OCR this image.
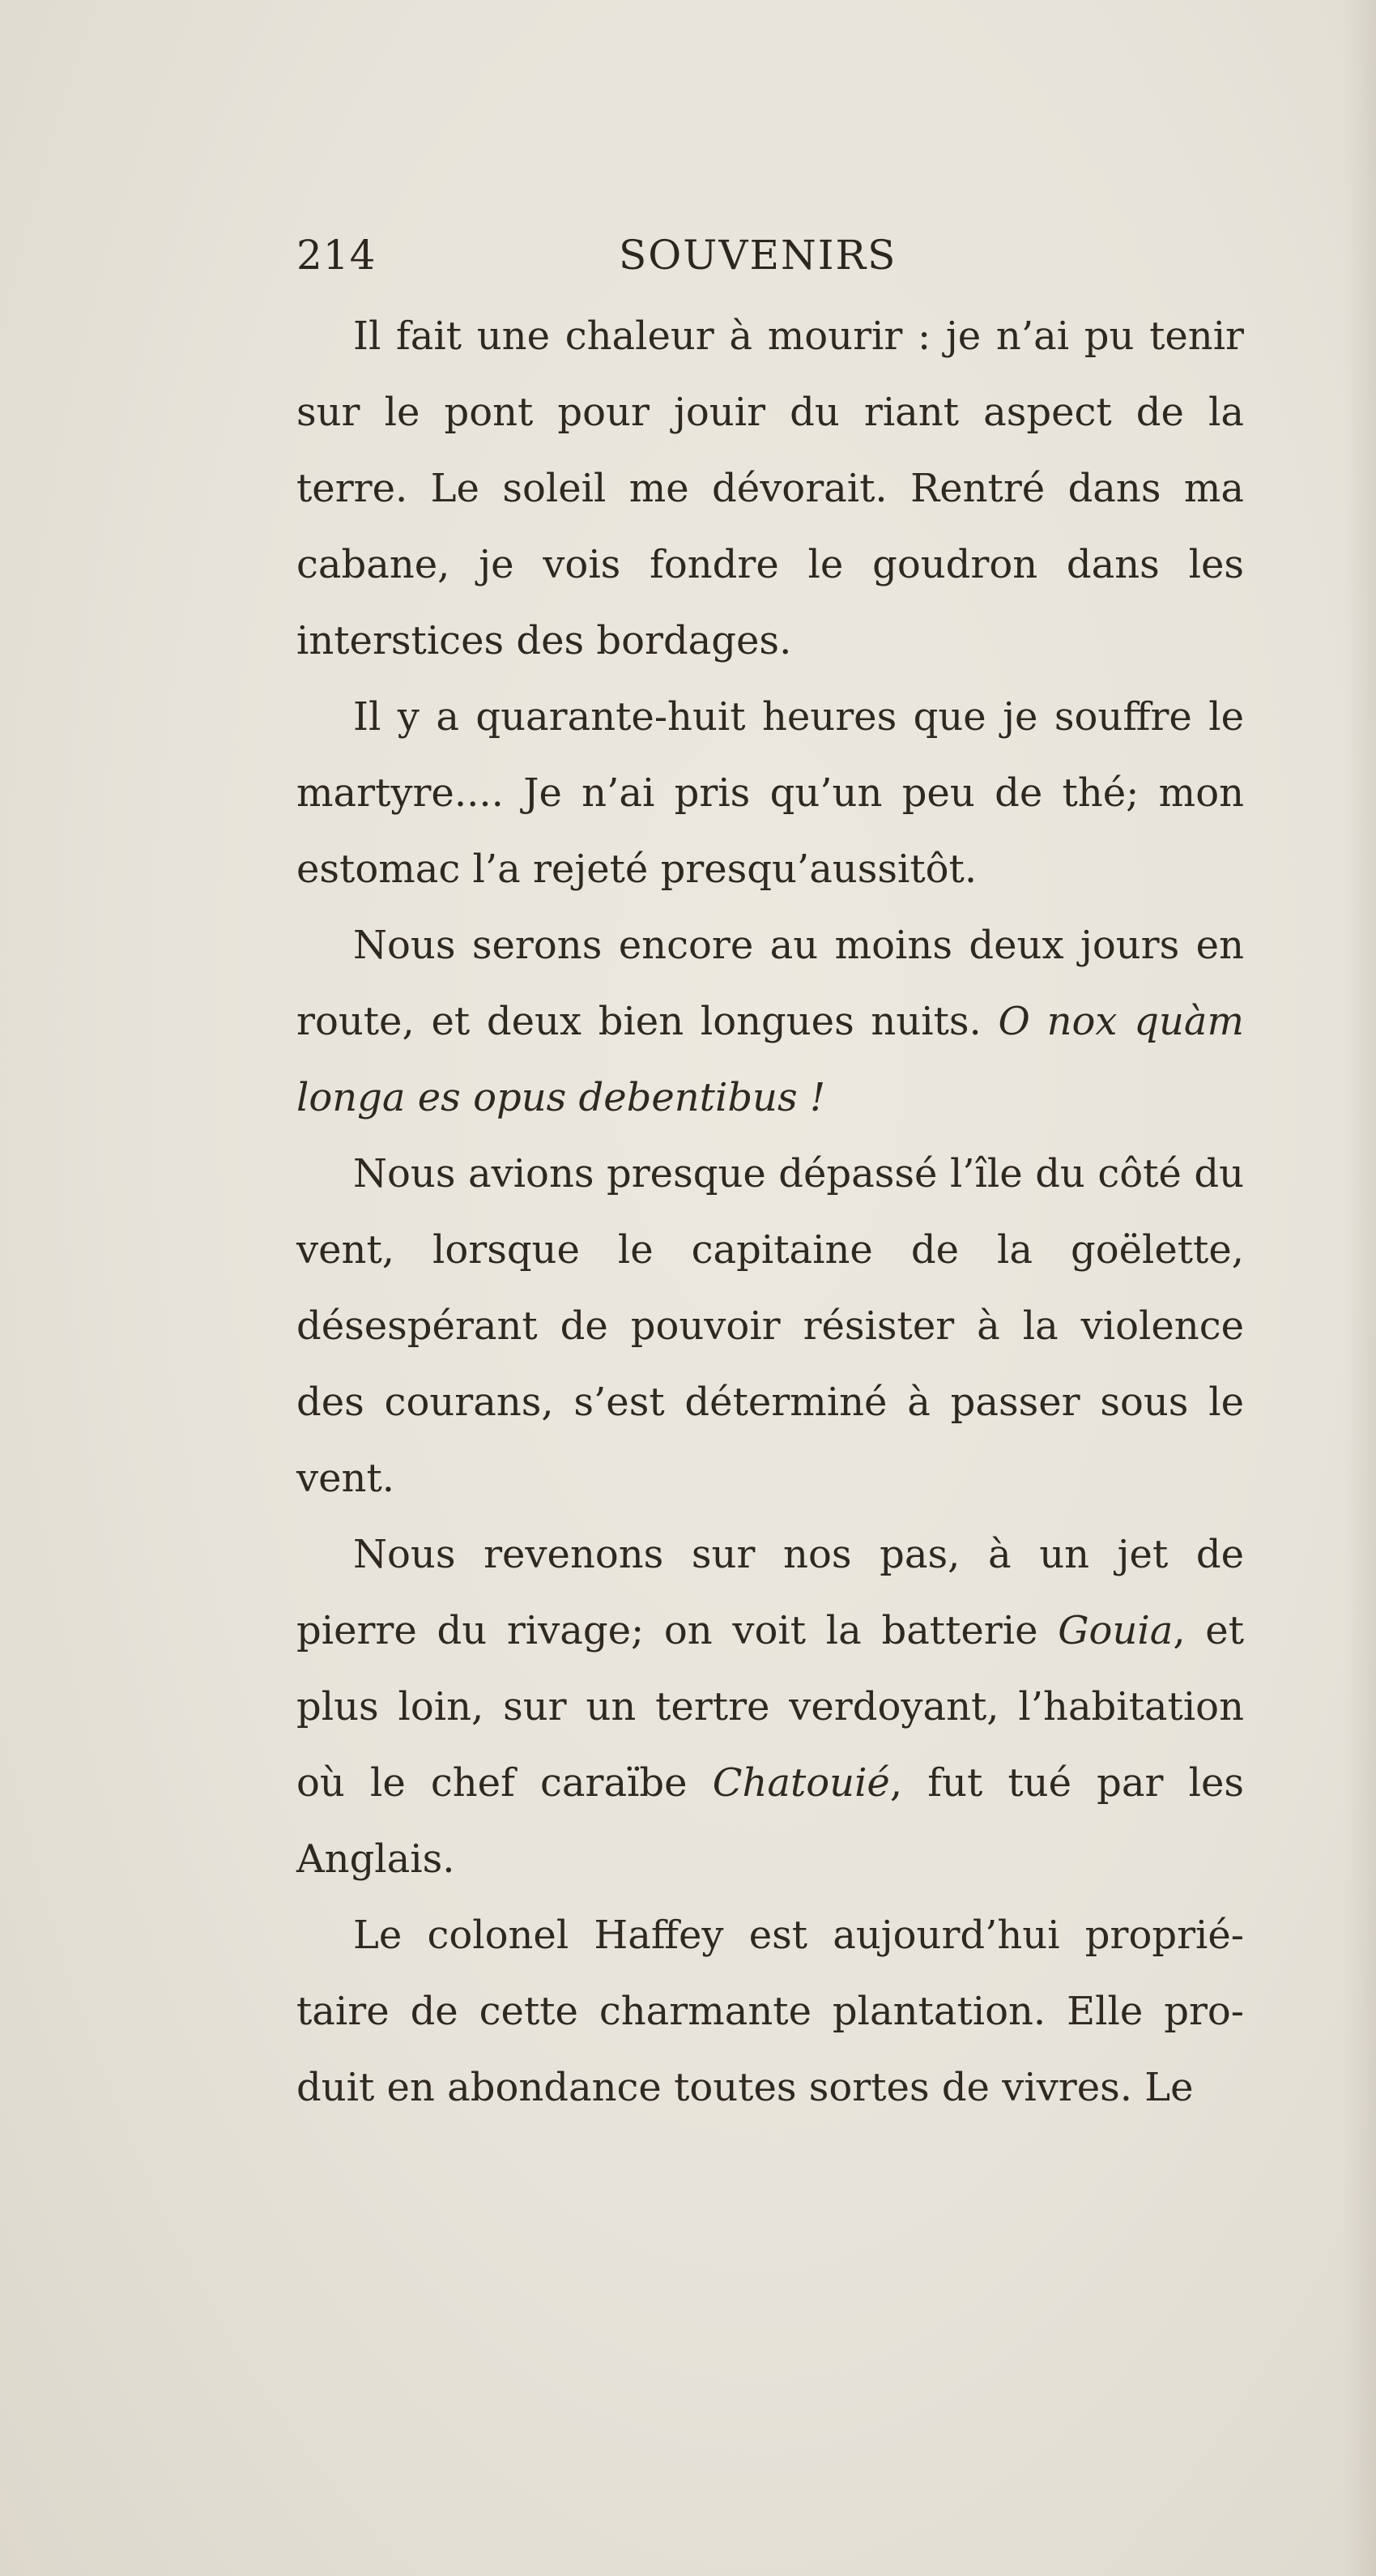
214	SOUVENIRS

Il fait une chaleur à mourir : je n’ai pu tenir sur le pont pour jouir du riant aspect de la terre. Le soleil me dévorait. Rentré dans ma cabane, je vois fondre le goudron dans les interstices des bordages.

Il y a quarante-huit heures que je souffre le martyre.... Je n’ai pris qu’un peu de thé; mon estomac l’a rejeté presqu’aussitôt.

Nous serons encore au moins deux jours en route, et deux bien longues nuits. O nox quàm longa es opus debentibus !

Nous avions presque dépassé l’île du côté du vent, lorsque le capitaine de la goëlette, désespérant de pouvoir résister à la violence des courans, s’est déterminé à passer sous le vent.

Nous revenons sur nos pas, à un jet de pierre du rivage; on voit la batterie Gouia, et plus loin, sur un tertre verdoyant, l’habitation où le chef caraïbe Chatouié, fut tué par les Anglais.

Le colonel Haffey est aujourd’hui propriétaire de cette charmante plantation. Elle produit en abondance toutes sortes de vivres. Le
